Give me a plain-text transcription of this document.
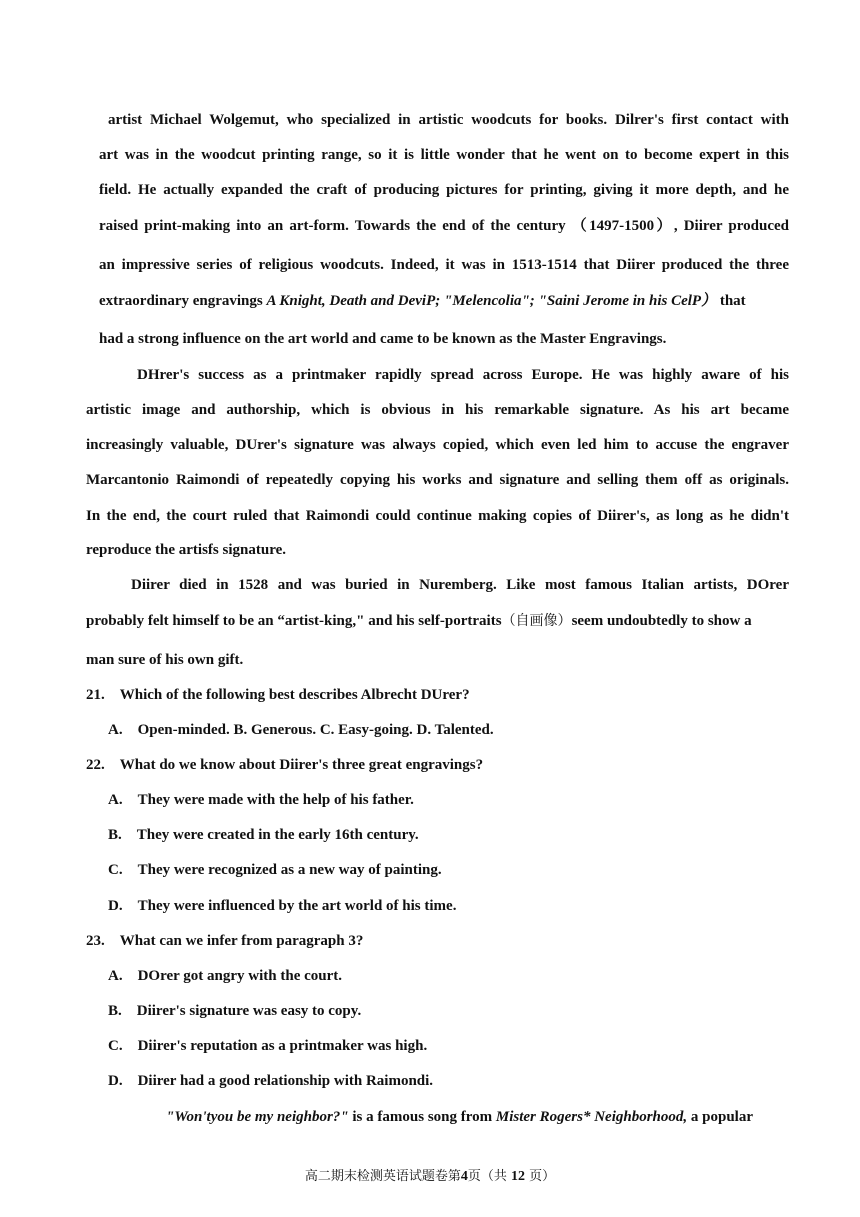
artist Michael Wolgemut, who specialized in artistic woodcuts for books. Dilrer's first contact with

art was in the woodcut printing range, so it is little wonder that he went on to become expert in this

field. He actually expanded the craft of producing pictures for printing, giving it more depth, and he

raised print-making into an art-form. Towards the end of the century （1497-1500）, Diirer produced

an impressive series of religious woodcuts. Indeed, it was in 1513-1514 that Diirer produced the three

extraordinary engravings A Knight, Death and DeviP; "Melencolia"; "Saini Jerome in his CelP） that

had a strong influence on the art world and came to be known as the Master Engravings.

DHrer's success as a printmaker rapidly spread across Europe. He was highly aware of his

artistic image and authorship, which is obvious in his remarkable signature. As his art became

increasingly valuable, DUrer's signature was always copied, which even led him to accuse the engraver

Marcantonio Raimondi of repeatedly copying his works and signature and selling them off as originals.

In the end, the court ruled that Raimondi could continue making copies of Diirer's, as long as he didn't

reproduce the artisfs signature.

Diirer died in 1528 and was buried in Nuremberg. Like most famous Italian artists, DOrer

probably felt himself to be an “artist-king," and his self-portraits（自画像）seem undoubtedly to show a

man sure of his own gift.

21. Which of the following best describes Albrecht DUrer?

A. Open-minded. B. Generous. C. Easy-going. D. Talented.

22. What do we know about Diirer's three great engravings?

A. They were made with the help of his father.

B. They were created in the early 16th century.

C. They were recognized as a new way of painting.

D. They were influenced by the art world of his time.

23. What can we infer from paragraph 3?

A. DOrer got angry with the court.

B. Diirer's signature was easy to copy.

C. Diirer's reputation as a printmaker was high.

D. Diirer had a good relationship with Raimondi.

"Won'tyou be my neighbor?" is a famous song from Mister Rogers* Neighborhood, a popular

高二期末检测英语试题卷第4页（共 12 页）
